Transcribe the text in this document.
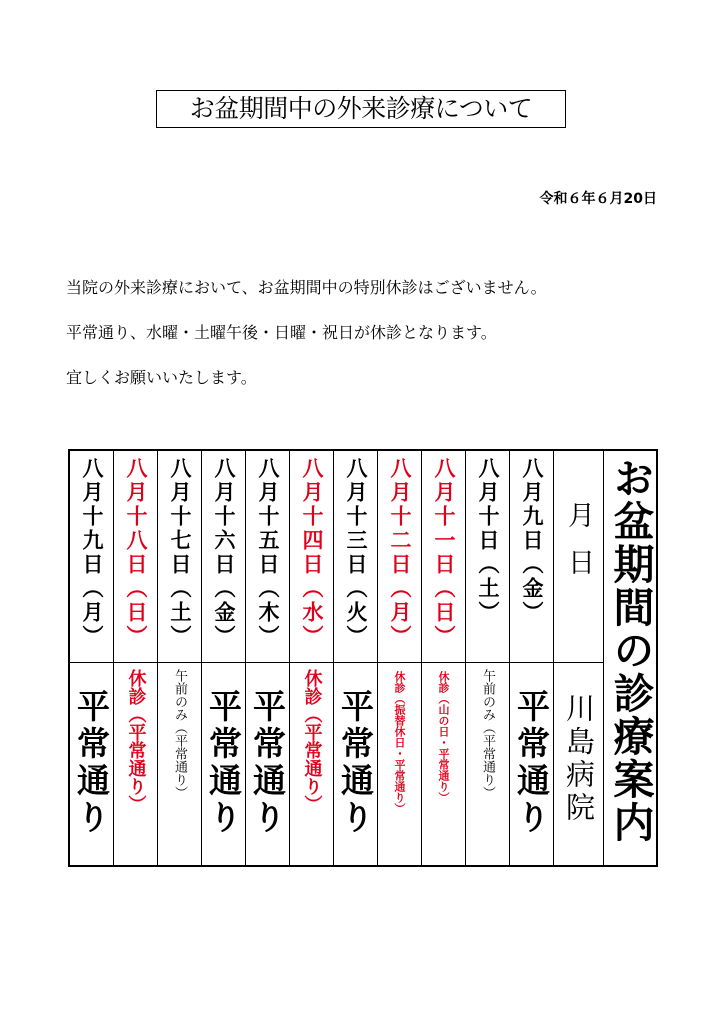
お盆期間中の外来診療について
令和６年６月20日
当院の外来診療において、お盆期間中の特別休診はございません。
平常通り、水曜・土曜午後・日曜・祝日が休診となります。
宜しくお願いいたします。
八月十九日（月）
平常通り
八月十八日（日）
休診（平常通り）
八月十七日（土）
午前のみ（平常通り）
八月十六日（金）
平常通り
八月十五日（木）
平常通り
八月十四日（水）
休診（平常通り）
八月十三日（火）
平常通り
八月十二日（月）
休診（振替休日・平常通り）
八月十一日（日）
休診（山の日・平常通り）
八月十日（土）
午前のみ（平常通り）
八月九日（金）
平常通り
月日
川島病院 お盆期間の診療案内
